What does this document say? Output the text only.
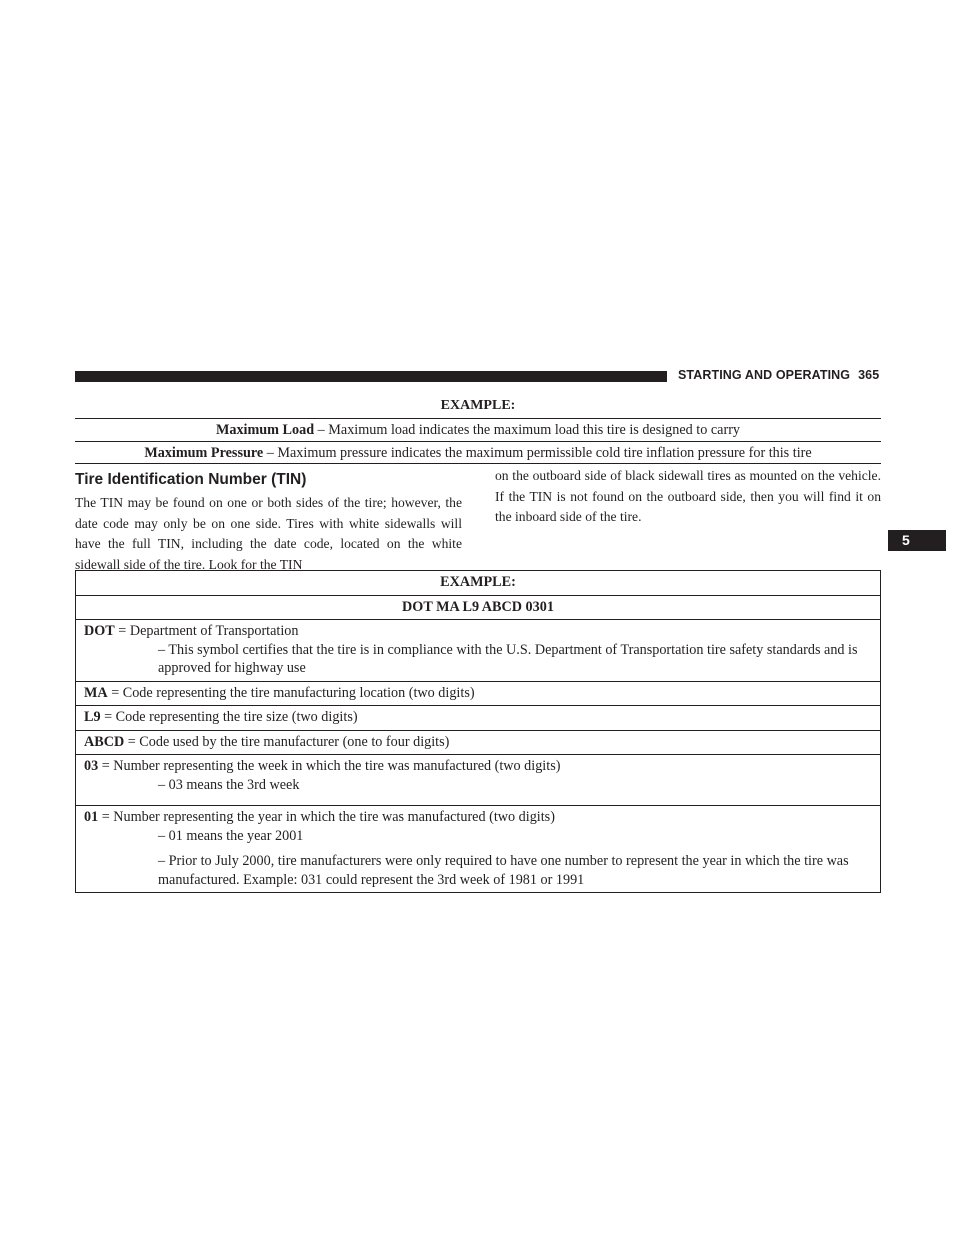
STARTING AND OPERATING 365
5
EXAMPLE:
Maximum Load – Maximum load indicates the maximum load this tire is designed to carry
Maximum Pressure – Maximum pressure indicates the maximum permissible cold tire inflation pressure for this tire
Tire Identification Number (TIN)

The TIN may be found on one or both sides of the tire; however, the date code may only be on one side. Tires with white sidewalls will have the full TIN, including the date code, located on the white sidewall side of the tire. Look for the TIN

on the outboard side of black sidewall tires as mounted on the vehicle. If the TIN is not found on the outboard side, then you will find it on the inboard side of the tire.

EXAMPLE:
DOT MA L9 ABCD 0301
DOT = Department of Transportation
– This symbol certifies that the tire is in compliance with the U.S. Department of Transportation tire safety standards and is approved for highway use
MA = Code representing the tire manufacturing location (two digits)
L9 = Code representing the tire size (two digits)
ABCD = Code used by the tire manufacturer (one to four digits)
03 = Number representing the week in which the tire was manufactured (two digits)
– 03 means the 3rd week
01 = Number representing the year in which the tire was manufactured (two digits)
– 01 means the year 2001
– Prior to July 2000, tire manufacturers were only required to have one number to represent the year in which the tire was manufactured. Example: 031 could represent the 3rd week of 1981 or 1991
